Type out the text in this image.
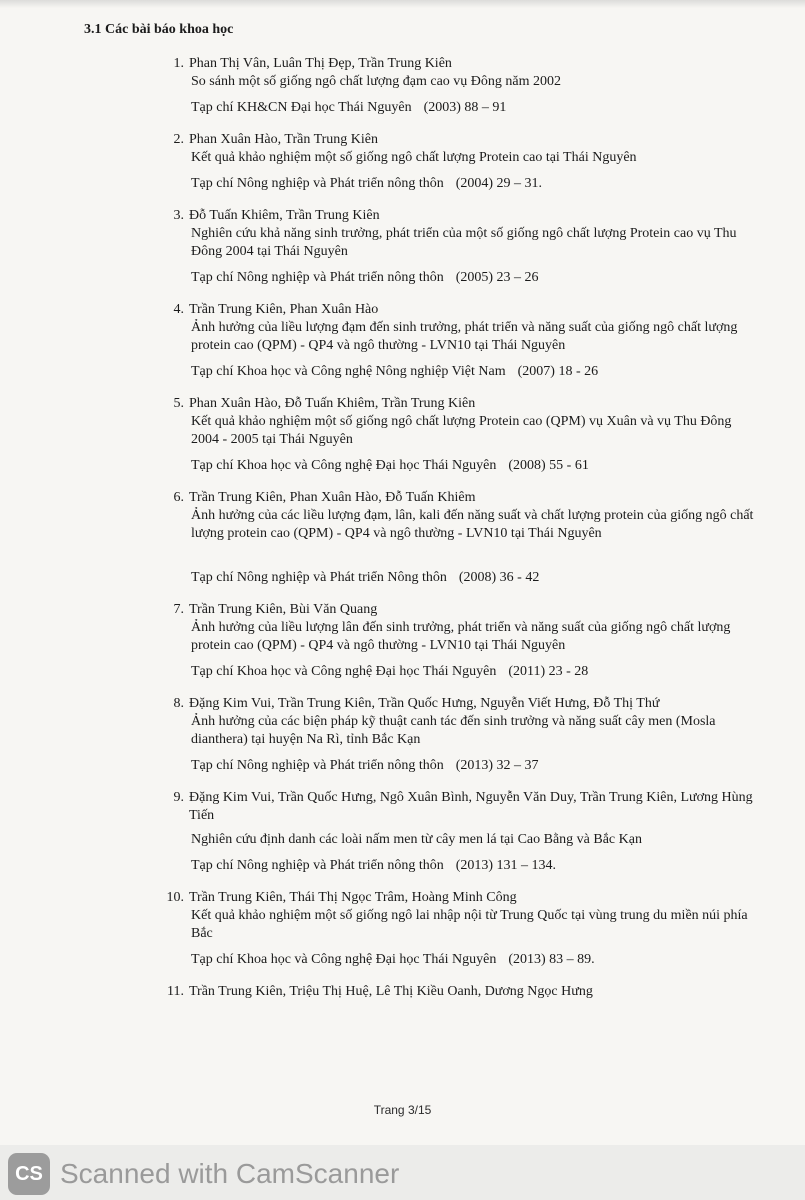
3.1 Các bài báo khoa học
1. Phan Thị Vân, Luân Thị Đẹp, Trần Trung Kiên
So sánh một số giống ngô chất lượng đạm cao vụ Đông năm 2002
Tạp chí KH&CN Đại học Thái Nguyên (2003) 88 – 91
2. Phan Xuân Hào, Trần Trung Kiên
Kết quả khảo nghiệm một số giống ngô chất lượng Protein cao tại Thái Nguyên
Tạp chí Nông nghiệp và Phát triển nông thôn (2004) 29 – 31.
3. Đỗ Tuấn Khiêm, Trần Trung Kiên
Nghiên cứu khả năng sinh trưởng, phát triển của một số giống ngô chất lượng Protein cao vụ Thu Đông 2004 tại Thái Nguyên
Tạp chí Nông nghiệp và Phát triển nông thôn (2005) 23 – 26
4. Trần Trung Kiên, Phan Xuân Hào
Ảnh hưởng của liều lượng đạm đến sinh trưởng, phát triển và năng suất của giống ngô chất lượng protein cao (QPM) - QP4 và ngô thường - LVN10 tại Thái Nguyên
Tạp chí Khoa học và Công nghệ Nông nghiệp Việt Nam (2007) 18 - 26
5. Phan Xuân Hào, Đỗ Tuấn Khiêm, Trần Trung Kiên
Kết quả khảo nghiệm một số giống ngô chất lượng Protein cao (QPM) vụ Xuân và vụ Thu Đông 2004 - 2005 tại Thái Nguyên
Tạp chí Khoa học và Công nghệ Đại học Thái Nguyên (2008) 55 - 61
6. Trần Trung Kiên, Phan Xuân Hào, Đỗ Tuấn Khiêm
Ảnh hưởng của các liều lượng đạm, lân, kali đến năng suất và chất lượng protein của giống ngô chất lượng protein cao (QPM) - QP4 và ngô thường - LVN10 tại Thái Nguyên
Tạp chí Nông nghiệp và Phát triển Nông thôn (2008) 36 - 42
7. Trần Trung Kiên, Bùi Văn Quang
Ảnh hưởng của liều lượng lân đến sinh trưởng, phát triển và năng suất của giống ngô chất lượng protein cao (QPM) - QP4 và ngô thường - LVN10 tại Thái Nguyên
Tạp chí Khoa học và Công nghệ Đại học Thái Nguyên (2011) 23 - 28
8. Đặng Kim Vui, Trần Trung Kiên, Trần Quốc Hưng, Nguyễn Viết Hưng, Đỗ Thị Thứ
Ảnh hưởng của các biện pháp kỹ thuật canh tác đến sinh trưởng và năng suất cây men (Mosla dianthera) tại huyện Na Rì, tỉnh Bắc Kạn
Tạp chí Nông nghiệp và Phát triển nông thôn (2013) 32 – 37
9. Đặng Kim Vui, Trần Quốc Hưng, Ngô Xuân Bình, Nguyễn Văn Duy, Trần Trung Kiên, Lương Hùng Tiến
Nghiên cứu định danh các loài nấm men từ cây men lá tại Cao Bằng và Bắc Kạn
Tạp chí Nông nghiệp và Phát triển nông thôn (2013) 131 – 134.
10. Trần Trung Kiên, Thái Thị Ngọc Trâm, Hoàng Minh Công
Kết quả khảo nghiệm một số giống ngô lai nhập nội từ Trung Quốc tại vùng trung du miền núi phía Bắc
Tạp chí Khoa học và Công nghệ Đại học Thái Nguyên (2013) 83 – 89.
11. Trần Trung Kiên, Triệu Thị Huệ, Lê Thị Kiều Oanh, Dương Ngọc Hưng
Trang 3/15
CS Scanned with CamScanner
